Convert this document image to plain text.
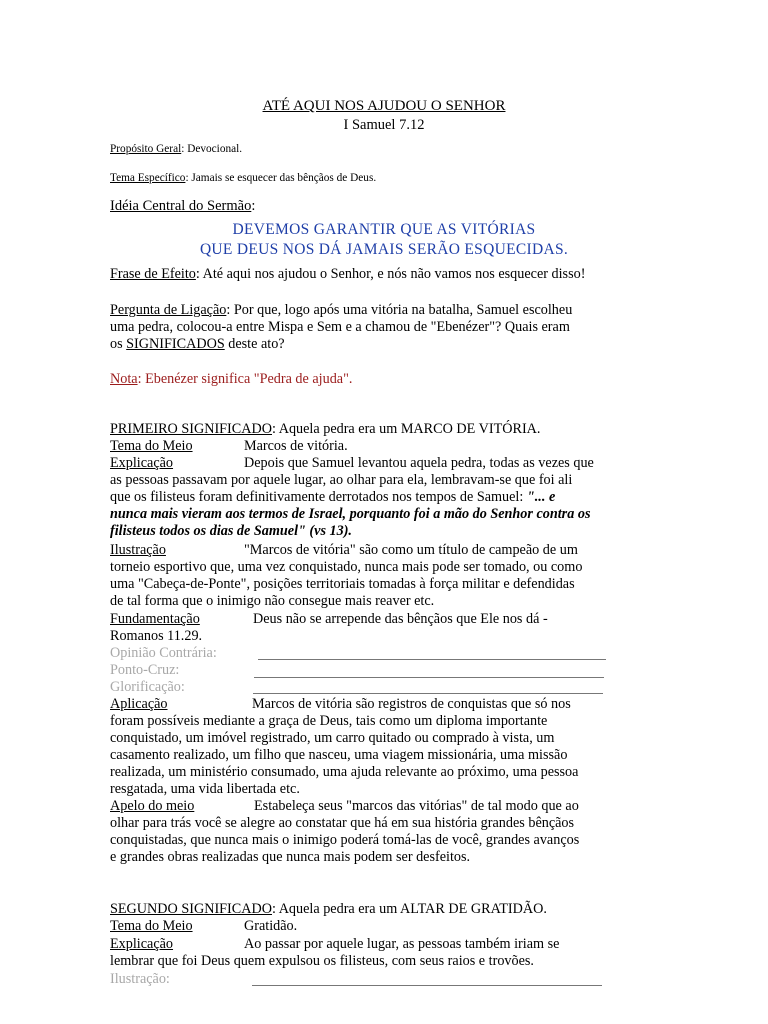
ATÉ AQUI NOS AJUDOU O SENHOR
I Samuel 7.12
Propósito Geral: Devocional.
Tema Específico: Jamais se esquecer das bênçãos de Deus.
Idéia Central do Sermão:
DEVEMOS GARANTIR QUE AS VITÓRIAS
QUE DEUS NOS DÁ JAMAIS SERÃO ESQUECIDAS.
Frase de Efeito: Até aqui nos ajudou o Senhor, e nós não vamos nos esquecer disso!
Pergunta de Ligação: Por que, logo após uma vitória na batalha, Samuel escolheu
uma pedra, colocou-a entre Mispa e Sem e a chamou de "Ebenézer"? Quais eram
os SIGNIFICADOS deste ato?
Nota: Ebenézer significa "Pedra de ajuda".
PRIMEIRO SIGNIFICADO: Aquela pedra era um MARCO DE VITÓRIA.
Tema do Meio	Marcos de vitória.
Explicação	Depois que Samuel levantou aquela pedra, todas as vezes que
as pessoas passavam por aquele lugar, ao olhar para ela, lembravam-se que foi ali
que os filisteus foram definitivamente derrotados nos tempos de Samuel: "... e
nunca mais vieram aos termos de Israel, porquanto foi a mão do Senhor contra os
filisteus todos os dias de Samuel" (vs 13).
Ilustração	"Marcos de vitória" são como um título de campeão de um
torneio esportivo que, uma vez conquistado, nunca mais pode ser tomado, ou como
uma "Cabeça-de-Ponte", posições territoriais tomadas à força militar e defendidas
de tal forma que o inimigo não consegue mais reaver etc.
Fundamentação	Deus não se arrepende das bênçãos que Ele nos dá -
Romanos 11.29.
Opinião Contrária:
Ponto-Cruz:
Glorificação:
Aplicação	Marcos de vitória são registros de conquistas que só nos
foram possíveis mediante a graça de Deus, tais como um diploma importante
conquistado, um imóvel registrado, um carro quitado ou comprado à vista, um
casamento realizado, um filho que nasceu, uma viagem missionária, uma missão
realizada, um ministério consumado, uma ajuda relevante ao próximo, uma pessoa
resgatada, uma vida libertada etc.
Apelo do meio	Estabeleça seus "marcos das vitórias" de tal modo que ao
olhar para trás você se alegre ao constatar que há em sua história grandes bênçãos
conquistadas, que nunca mais o inimigo poderá tomá-las de você, grandes avanços
e grandes obras realizadas que nunca mais podem ser desfeitos.
SEGUNDO SIGNIFICADO: Aquela pedra era um ALTAR DE GRATIDÃO.
Tema do Meio	Gratidão.
Explicação	Ao passar por aquele lugar, as pessoas também iriam se
lembrar que foi Deus quem expulsou os filisteus, com seus raios e trovões.
Ilustração:
